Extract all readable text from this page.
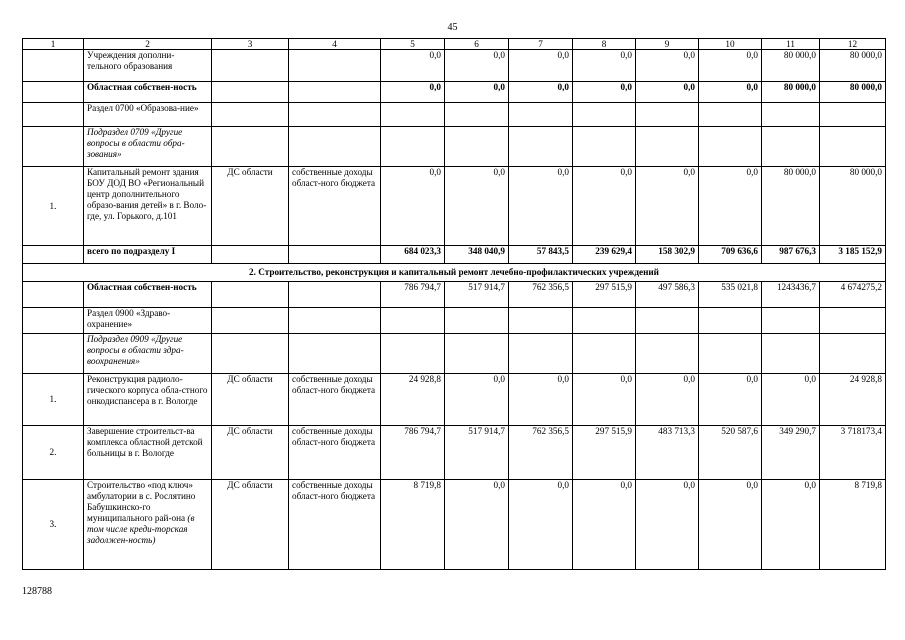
45
1	2	3	4	5	6	7	8	9	10	11	12
	Учреждения дополни-тельного образования			0,0	0,0	0,0	0,0	0,0	0,0	80 000,0	80 000,0
	Областная собствен-ность			0,0	0,0	0,0	0,0	0,0	0,0	80 000,0	80 000,0
	Раздел 0700 «Образова-ние»										
	Подраздел 0709 «Другие вопросы в области обра-зования»										
1.	Капитальный ремонт здания БОУ ДОД ВО «Региональный центр дополнительного образо-вания детей» в г. Воло-где, ул. Горького, д.101	ДС области	собственные доходы област-ного бюджета	0,0	0,0	0,0	0,0	0,0	0,0	80 000,0	80 000,0
	всего по подразделу I			684 023,3	348 040,9	57 843,5	239 629,4	158 302,9	709 636,6	987 676,3	3 185 152,9
2. Строительство, реконструкция и капитальный ремонт лечебно-профилактических учреждений											
	Областная собствен-ность			786 794,7	517 914,7	762 356,5	297 515,9	497 586,3	535 021,8	1243436,7	4 674275,2
	Раздел 0900 «Здраво-охранение»										
	Подраздел 0909 «Другие вопросы в области здра-воохранения»										
1.	Реконструкция радиоло-гического корпуса обла-стного онкодиспансера в г. Вологде	ДС области	собственные доходы област-ного бюджета	24 928,8	0,0	0,0	0,0	0,0	0,0	0,0	24 928,8
2.	Завершение строительст-ва комплекса областной детской больницы в г. Вологде	ДС области	собственные доходы област-ного бюджета	786 794,7	517 914,7	762 356,5	297 515,9	483 713,3	520 587,6	349 290,7	3 718173,4
3.	Строительство «под ключ» амбулатории в с. Рослятино Бабушкинско-го муниципального рай-она (в том числе креди-торская задолжен-ность)	ДС области	собственные доходы област-ного бюджета	8 719,8	0,0	0,0	0,0	0,0	0,0	0,0	8 719,8
128788
